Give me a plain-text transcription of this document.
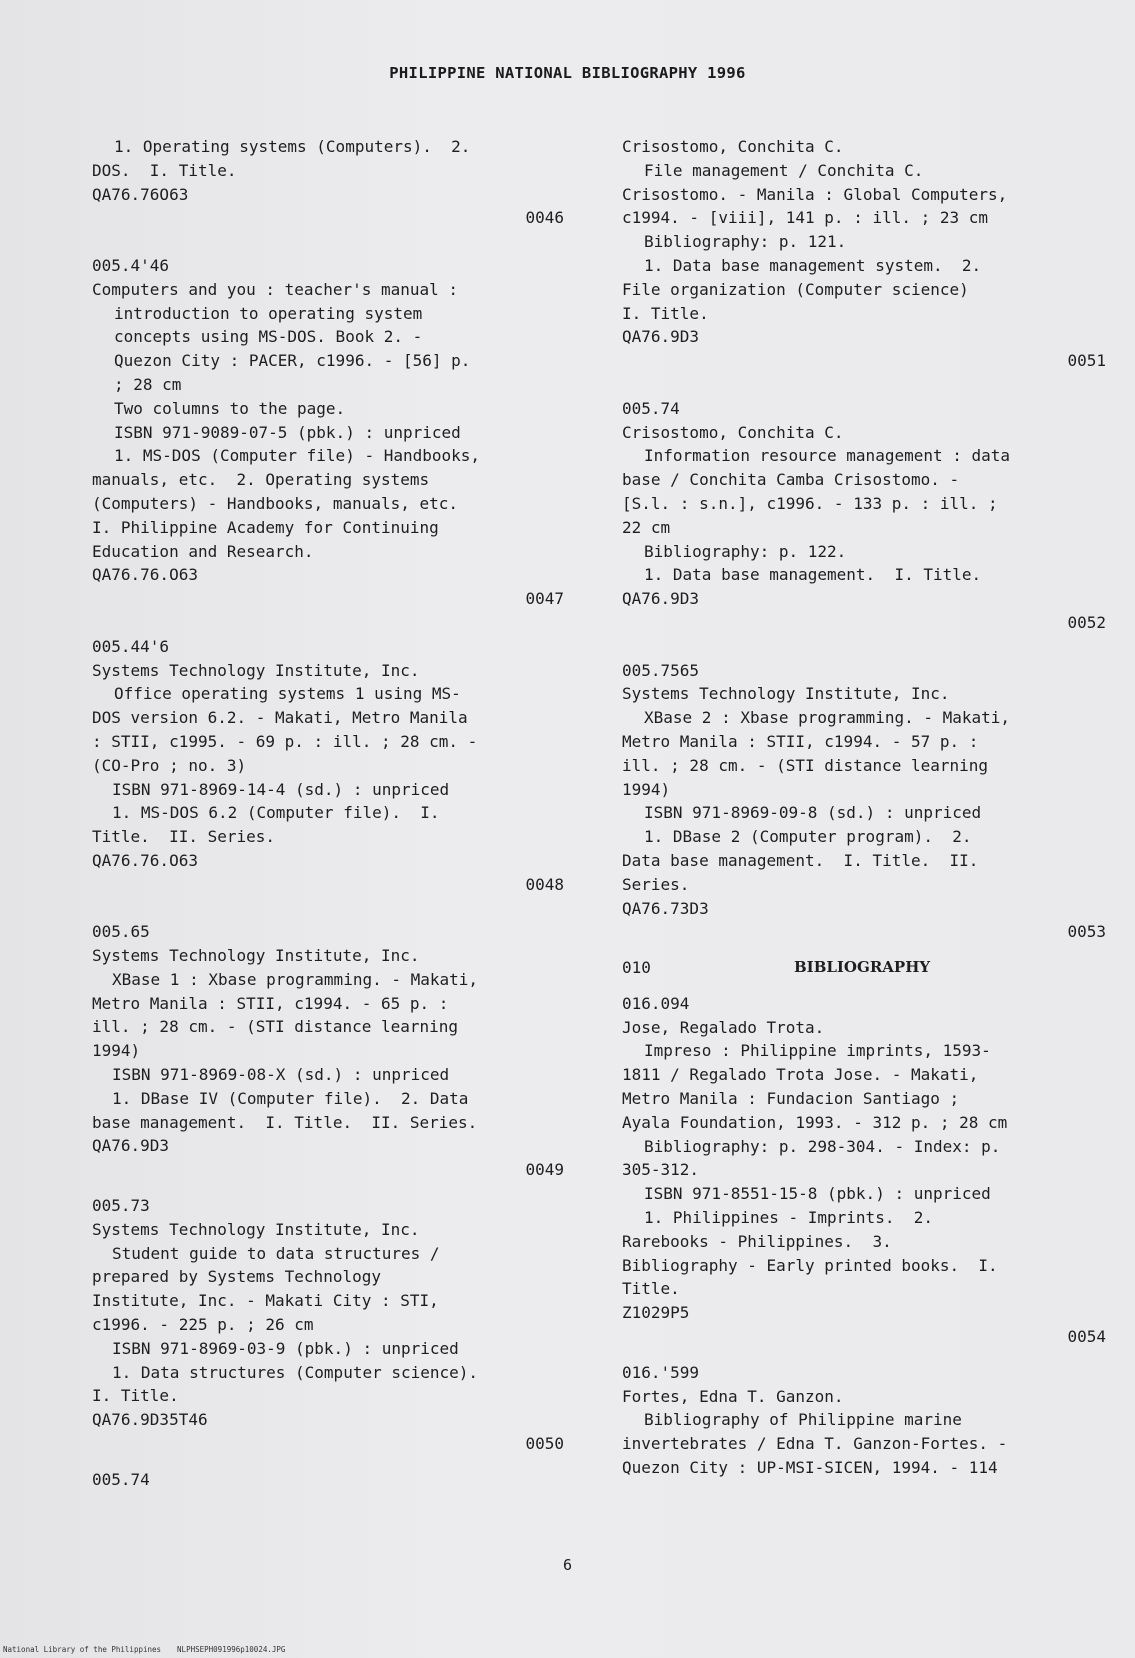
PHILIPPINE NATIONAL BIBLIOGRAPHY 1996
1. Operating systems (Computers).  2.
DOS.  I. Title.
QA76.76O63
0046
005.4'46
Computers and you : teacher's manual :
introduction to operating system
concepts using MS-DOS. Book 2. -
Quezon City : PACER, c1996. - [56] p.
; 28 cm
Two columns to the page.
ISBN 971-9089-07-5 (pbk.) : unpriced
1. MS-DOS (Computer file) - Handbooks,
manuals, etc.  2. Operating systems
(Computers) - Handbooks, manuals, etc.
I. Philippine Academy for Continuing
Education and Research.
QA76.76.O63
0047
005.44'6
Systems Technology Institute, Inc.
Office operating systems 1 using MS-
DOS version 6.2. - Makati, Metro Manila
: STII, c1995. - 69 p. : ill. ; 28 cm. -
(CO-Pro ; no. 3)
ISBN 971-8969-14-4 (sd.) : unpriced
1. MS-DOS 6.2 (Computer file).  I.
Title.  II. Series.
QA76.76.O63
0048
005.65
Systems Technology Institute, Inc.
XBase 1 : Xbase programming. - Makati,
Metro Manila : STII, c1994. - 65 p. :
ill. ; 28 cm. - (STI distance learning
1994)
ISBN 971-8969-08-X (sd.) : unpriced
1. DBase IV (Computer file).  2. Data
base management.  I. Title.  II. Series.
QA76.9D3
0049
005.73
Systems Technology Institute, Inc.
Student guide to data structures /
prepared by Systems Technology
Institute, Inc. - Makati City : STI,
c1996. - 225 p. ; 26 cm
ISBN 971-8969-03-9 (pbk.) : unpriced
1. Data structures (Computer science).
I. Title.
QA76.9D35T46
0050
005.74
Crisostomo, Conchita C.
File management / Conchita C.
Crisostomo. - Manila : Global Computers,
c1994. - [viii], 141 p. : ill. ; 23 cm
Bibliography: p. 121.
1. Data base management system.  2.
File organization (Computer science)
I. Title.
QA76.9D3
0051
005.74
Crisostomo, Conchita C.
Information resource management : data
base / Conchita Camba Crisostomo. -
[S.l. : s.n.], c1996. - 133 p. : ill. ;
22 cm
Bibliography: p. 122.
1. Data base management.  I. Title.
QA76.9D3
0052
005.7565
Systems Technology Institute, Inc.
XBase 2 : Xbase programming. - Makati,
Metro Manila : STII, c1994. - 57 p. :
ill. ; 28 cm. - (STI distance learning
1994)
ISBN 971-8969-09-8 (sd.) : unpriced
1. DBase 2 (Computer program).  2.
Data base management.  I. Title.  II.
Series.
QA76.73D3
0053
010	BIBLIOGRAPHY
016.094
Jose, Regalado Trota.
Impreso : Philippine imprints, 1593-
1811 / Regalado Trota Jose. - Makati,
Metro Manila : Fundacion Santiago ;
Ayala Foundation, 1993. - 312 p. ; 28 cm
Bibliography: p. 298-304. - Index: p.
305-312.
ISBN 971-8551-15-8 (pbk.) : unpriced
1. Philippines - Imprints.  2.
Rarebooks - Philippines.  3.
Bibliography - Early printed books.  I.
Title.
Z1029P5
0054
016.'599
Fortes, Edna T. Ganzon.
Bibliography of Philippine marine
invertebrates / Edna T. Ganzon-Fortes. -
Quezon City : UP-MSI-SICEN, 1994. - 114
6
National Library of the Philippines NLPHSEPH091996p10024.JPG
